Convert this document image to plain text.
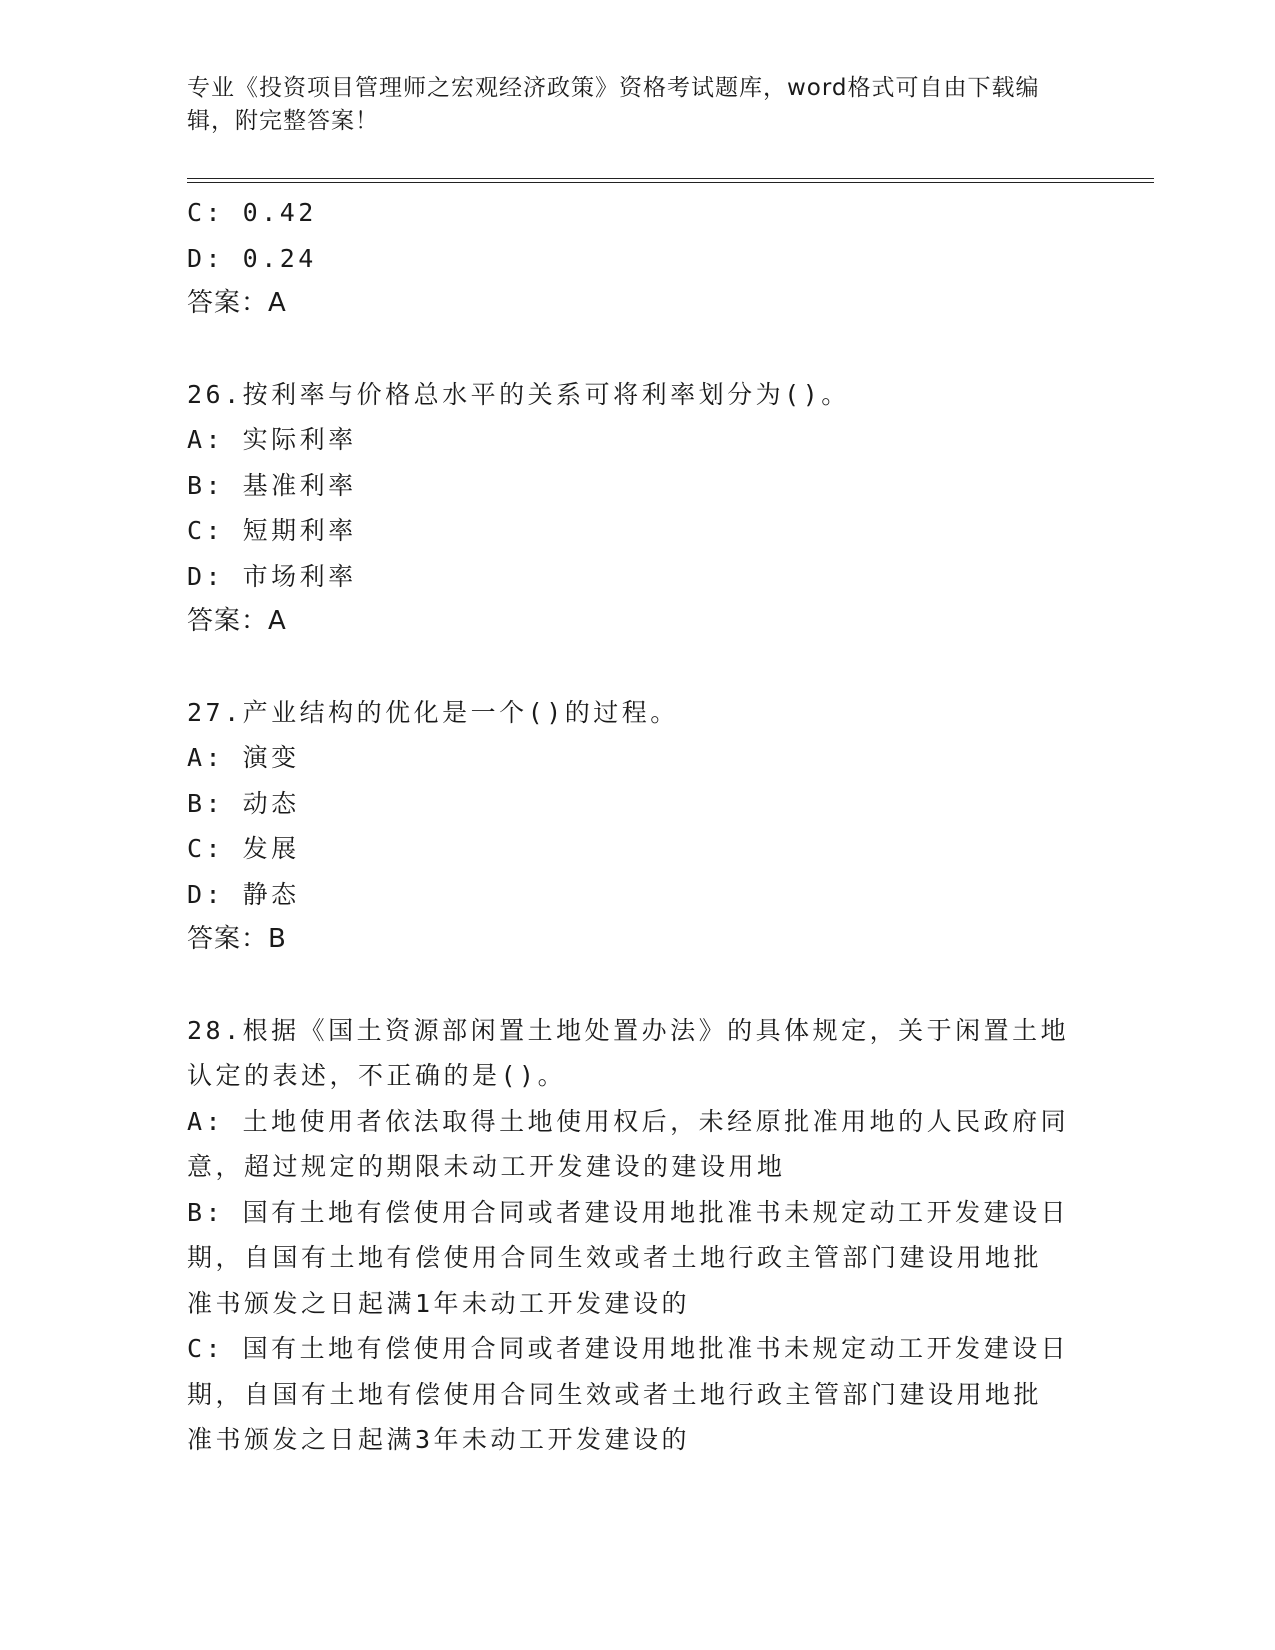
专业《投资项目管理师之宏观经济政策》资格考试题库，word格式可自由下载编
辑，附完整答案！
C: 0.42
D: 0.24
答案：A
26.按利率与价格总水平的关系可将利率划分为()。
A: 实际利率
B: 基准利率
C: 短期利率
D: 市场利率
答案：A
27.产业结构的优化是一个()的过程。
A: 演变
B: 动态
C: 发展
D: 静态
答案：B
28.根据《国土资源部闲置土地处置办法》的具体规定，关于闲置土地
认定的表述，不正确的是()。
A: 土地使用者依法取得土地使用权后，未经原批准用地的人民政府同
意，超过规定的期限未动工开发建设的建设用地
B: 国有土地有偿使用合同或者建设用地批准书未规定动工开发建设日
期，自国有土地有偿使用合同生效或者土地行政主管部门建设用地批
准书颁发之日起满1年未动工开发建设的
C: 国有土地有偿使用合同或者建设用地批准书未规定动工开发建设日
期，自国有土地有偿使用合同生效或者土地行政主管部门建设用地批
准书颁发之日起满3年未动工开发建设的
